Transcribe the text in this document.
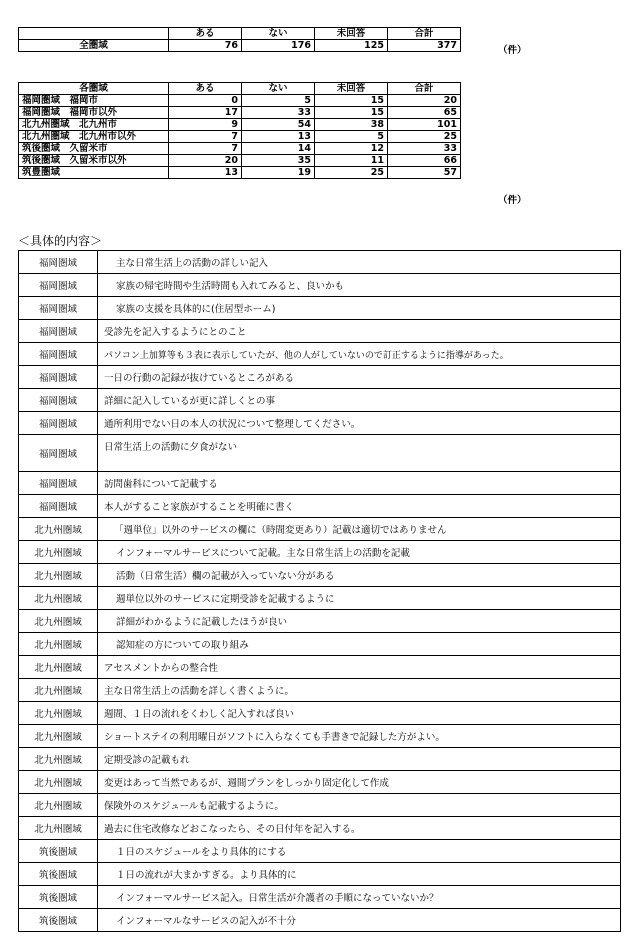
	ある	ない	未回答	合計
全圏域	76	176	125	377	（件）
各圏域	ある	ない	未回答	合計
福岡圏域　福岡市	0	5	15	20
福岡圏域　福岡市以外	17	33	15	65
北九州圏域　北九州市	9	54	38	101
北九州圏域　北九州市以外	7	13	5	25
筑後圏域　久留米市	7	14	12	33
筑後圏域　久留米市以外	20	35	11	66
筑豊圏域	13	19	25	57
（件）
＜具体的内容＞
福岡圏域	主な日常生活上の活動の詳しい記入
福岡圏域	家族の帰宅時間や生活時間も入れてみると、良いかも
福岡圏域	家族の支援を具体的に(住居型ホーム)
福岡圏域	受診先を記入するようにとのこと
福岡圏域	パソコン上加算等も３表に表示していたが、他の人がしていないので訂正するように指導があった。
福岡圏域	一日の行動の記録が抜けているところがある
福岡圏域	詳細に記入しているが更に詳しくとの事
福岡圏域	通所利用でない日の本人の状況について整理してください。
福岡圏域	日常生活上の活動に夕食がない
福岡圏域	訪問歯科について記載する
福岡圏域	本人がすること家族がすることを明確に書く
北九州圏域	「週単位」以外のサービスの欄に（時間変更あり）記載は適切ではありません
北九州圏域	インフォーマルサービスについて記載。主な日常生活上の活動を記載
北九州圏域	活動（日常生活）欄の記載が入っていない分がある
北九州圏域	週単位以外のサービスに定期受診を記載するように
北九州圏域	詳細がわかるように記載したほうが良い
北九州圏域	認知症の方についての取り組み
北九州圏域	アセスメントからの整合性
北九州圏域	主な日常生活上の活動を詳しく書くように。
北九州圏域	週間、１日の流れをくわしく記入すれば良い
北九州圏域	ショートステイの利用曜日がソフトに入らなくても手書きで記録した方がよい。
北九州圏域	定期受診の記載もれ
北九州圏域	変更はあって当然であるが、週間プランをしっかり固定化して作成
北九州圏域	保険外のスケジュールも記載するように。
北九州圏域	過去に住宅改修などおこなったら、その日付年を記入する。
筑後圏域	１日のスケジュールをより具体的にする
筑後圏域	１日の流れが大まかすぎる。より具体的に
筑後圏域	インフォーマルサービス記入。日常生活が介護者の手順になっていないか？
筑後圏域	インフォーマルなサービスの記入が不十分
